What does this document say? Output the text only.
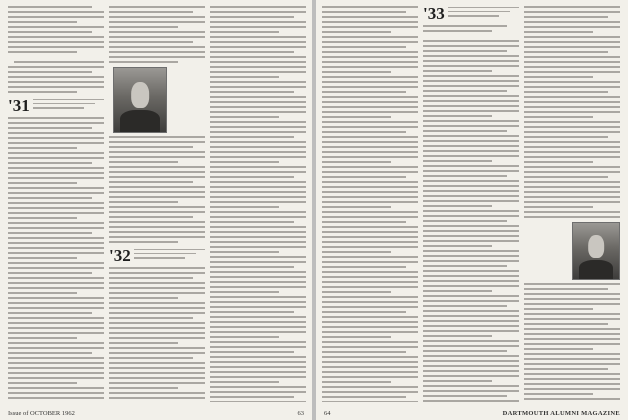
'31
'32
Issue of OCTOBER 1962	63
'33
64	DARTMOUTH ALUMNI MAGAZINE
